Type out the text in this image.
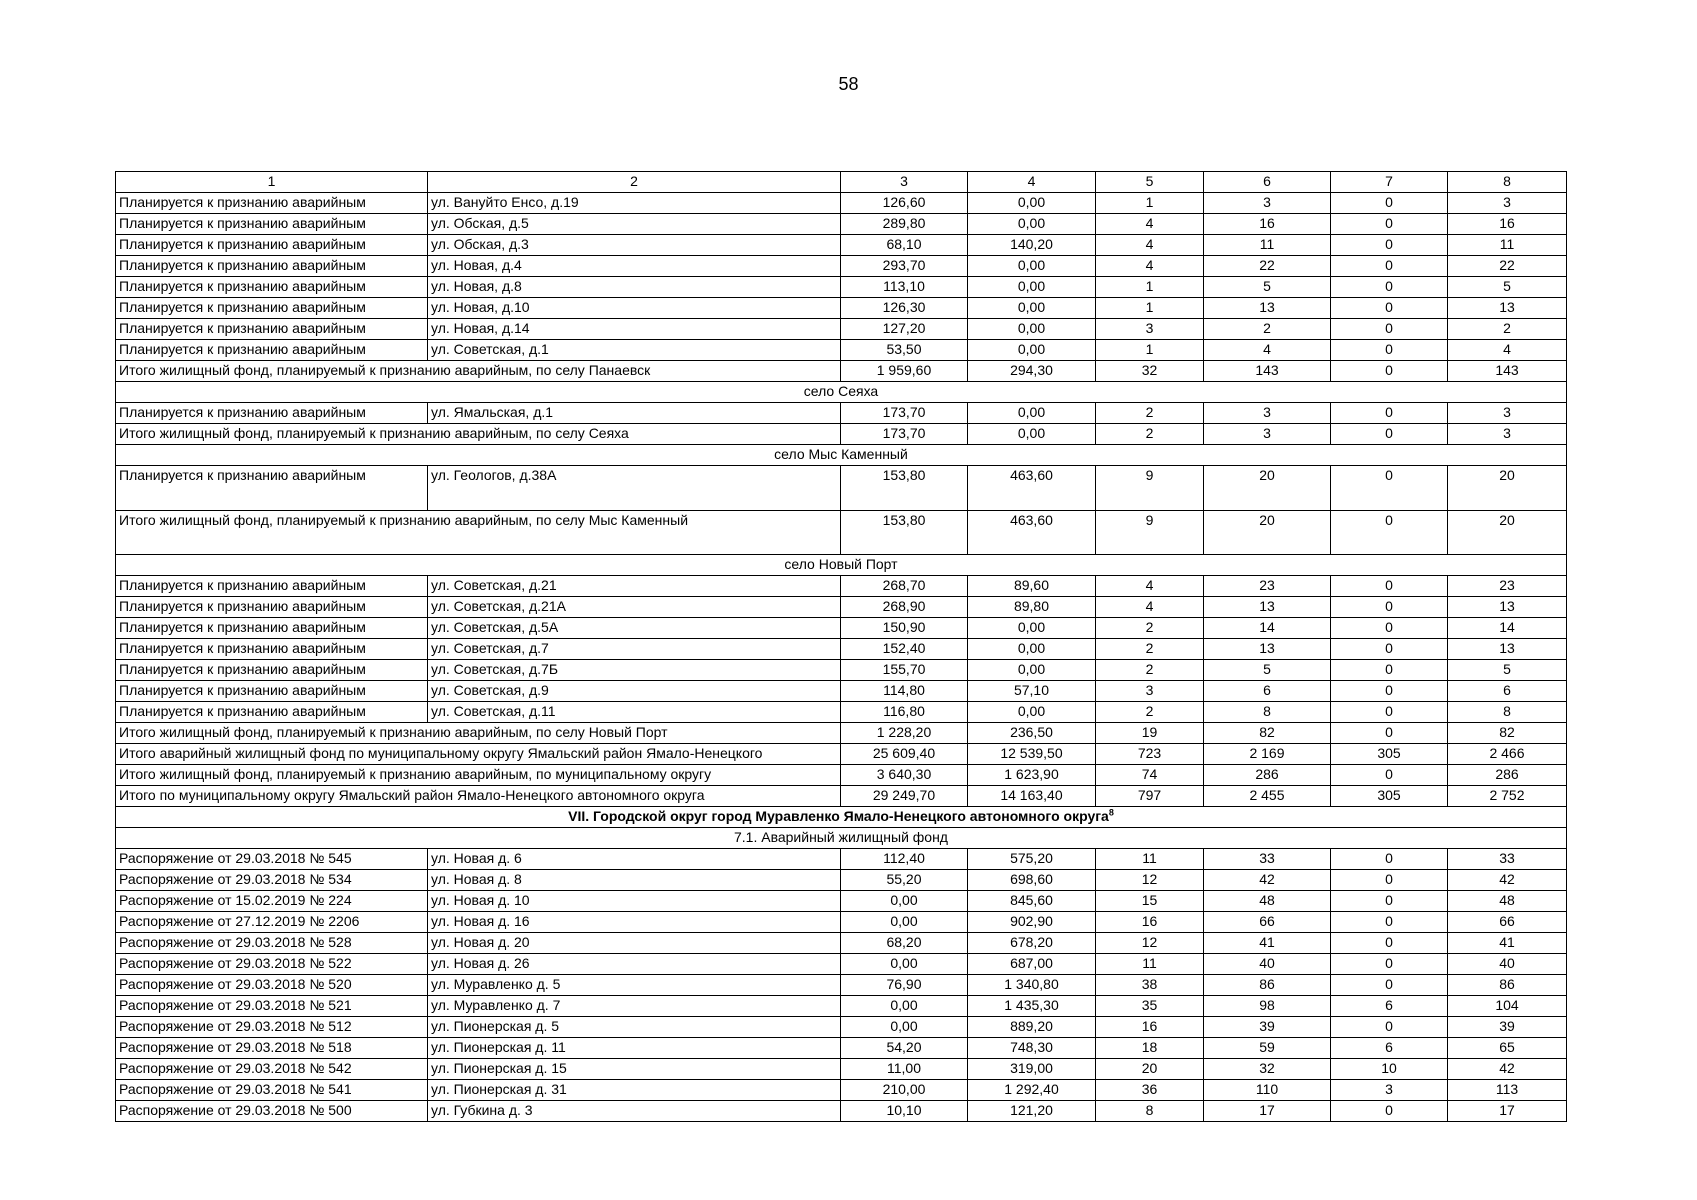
58
1	2	3	4	5	6	7	8
Планируется к признанию аварийным	ул. Вануйто Енсо, д.19	126,60	0,00	1	3	0	3
Планируется к признанию аварийным	ул. Обская, д.5	289,80	0,00	4	16	0	16
Планируется к признанию аварийным	ул. Обская, д.3	68,10	140,20	4	11	0	11
Планируется к признанию аварийным	ул. Новая, д.4	293,70	0,00	4	22	0	22
Планируется к признанию аварийным	ул. Новая, д.8	113,10	0,00	1	5	0	5
Планируется к признанию аварийным	ул. Новая, д.10	126,30	0,00	1	13	0	13
Планируется к признанию аварийным	ул. Новая, д.14	127,20	0,00	3	2	0	2
Планируется к признанию аварийным	ул. Советская, д.1	53,50	0,00	1	4	0	4
Итого жилищный фонд, планируемый к признанию аварийным, по селу Панаевск		1 959,60	294,30	32	143	0	143
село Сеяха							
Планируется к признанию аварийным	ул. Ямальская, д.1	173,70	0,00	2	3	0	3
Итого жилищный фонд, планируемый к признанию аварийным, по селу Сеяха		173,70	0,00	2	3	0	3
село Мыс Каменный							
Планируется к признанию аварийным	ул. Геологов, д.38А	153,80	463,60	9	20	0	20
Итого жилищный фонд, планируемый к признанию аварийным, по селу Мыс Каменный		153,80	463,60	9	20	0	20
село Новый Порт							
Планируется к признанию аварийным	ул. Советская, д.21	268,70	89,60	4	23	0	23
Планируется к признанию аварийным	ул. Советская, д.21А	268,90	89,80	4	13	0	13
Планируется к признанию аварийным	ул. Советская, д.5А	150,90	0,00	2	14	0	14
Планируется к признанию аварийным	ул. Советская, д.7	152,40	0,00	2	13	0	13
Планируется к признанию аварийным	ул. Советская, д.7Б	155,70	0,00	2	5	0	5
Планируется к признанию аварийным	ул. Советская, д.9	114,80	57,10	3	6	0	6
Планируется к признанию аварийным	ул. Советская, д.11	116,80	0,00	2	8	0	8
Итого жилищный фонд, планируемый к признанию аварийным, по селу Новый Порт		1 228,20	236,50	19	82	0	82
Итого аварийный жилищный фонд по муниципальному округу Ямальский район Ямало-Ненецкого		25 609,40	12 539,50	723	2 169	305	2 466
Итого жилищный фонд, планируемый к признанию аварийным, по муниципальному округу		3 640,30	1 623,90	74	286	0	286
Итого по муниципальному округу Ямальский район Ямало-Ненецкого автономного округа		29 249,70	14 163,40	797	2 455	305	2 752
VII. Городской округ город Муравленко Ямало-Ненецкого автономного округа$^8$
7.1. Аварийный жилищный фонд							
Распоряжение от 29.03.2018 № 545	ул. Новая д. 6	112,40	575,20	11	33	0	33
Распоряжение от 29.03.2018 № 534	ул. Новая д. 8	55,20	698,60	12	42	0	42
Распоряжение от 15.02.2019 № 224	ул. Новая д. 10	0,00	845,60	15	48	0	48
Распоряжение от 27.12.2019 № 2206	ул. Новая д. 16	0,00	902,90	16	66	0	66
Распоряжение от 29.03.2018 № 528	ул. Новая д. 20	68,20	678,20	12	41	0	41
Распоряжение от 29.03.2018 № 522	ул. Новая д. 26	0,00	687,00	11	40	0	40
Распоряжение от 29.03.2018 № 520	ул. Муравленко д. 5	76,90	1 340,80	38	86	0	86
Распоряжение от 29.03.2018 № 521	ул. Муравленко д. 7	0,00	1 435,30	35	98	6	104
Распоряжение от 29.03.2018 № 512	ул. Пионерская д. 5	0,00	889,20	16	39	0	39
Распоряжение от 29.03.2018 № 518	ул. Пионерская д. 11	54,20	748,30	18	59	6	65
Распоряжение от 29.03.2018 № 542	ул. Пионерская д. 15	11,00	319,00	20	32	10	42
Распоряжение от 29.03.2018 № 541	ул. Пионерская д. 31	210,00	1 292,40	36	110	3	113
Распоряжение от 29.03.2018 № 500	ул. Губкина д. 3	10,10	121,20	8	17	0	17
